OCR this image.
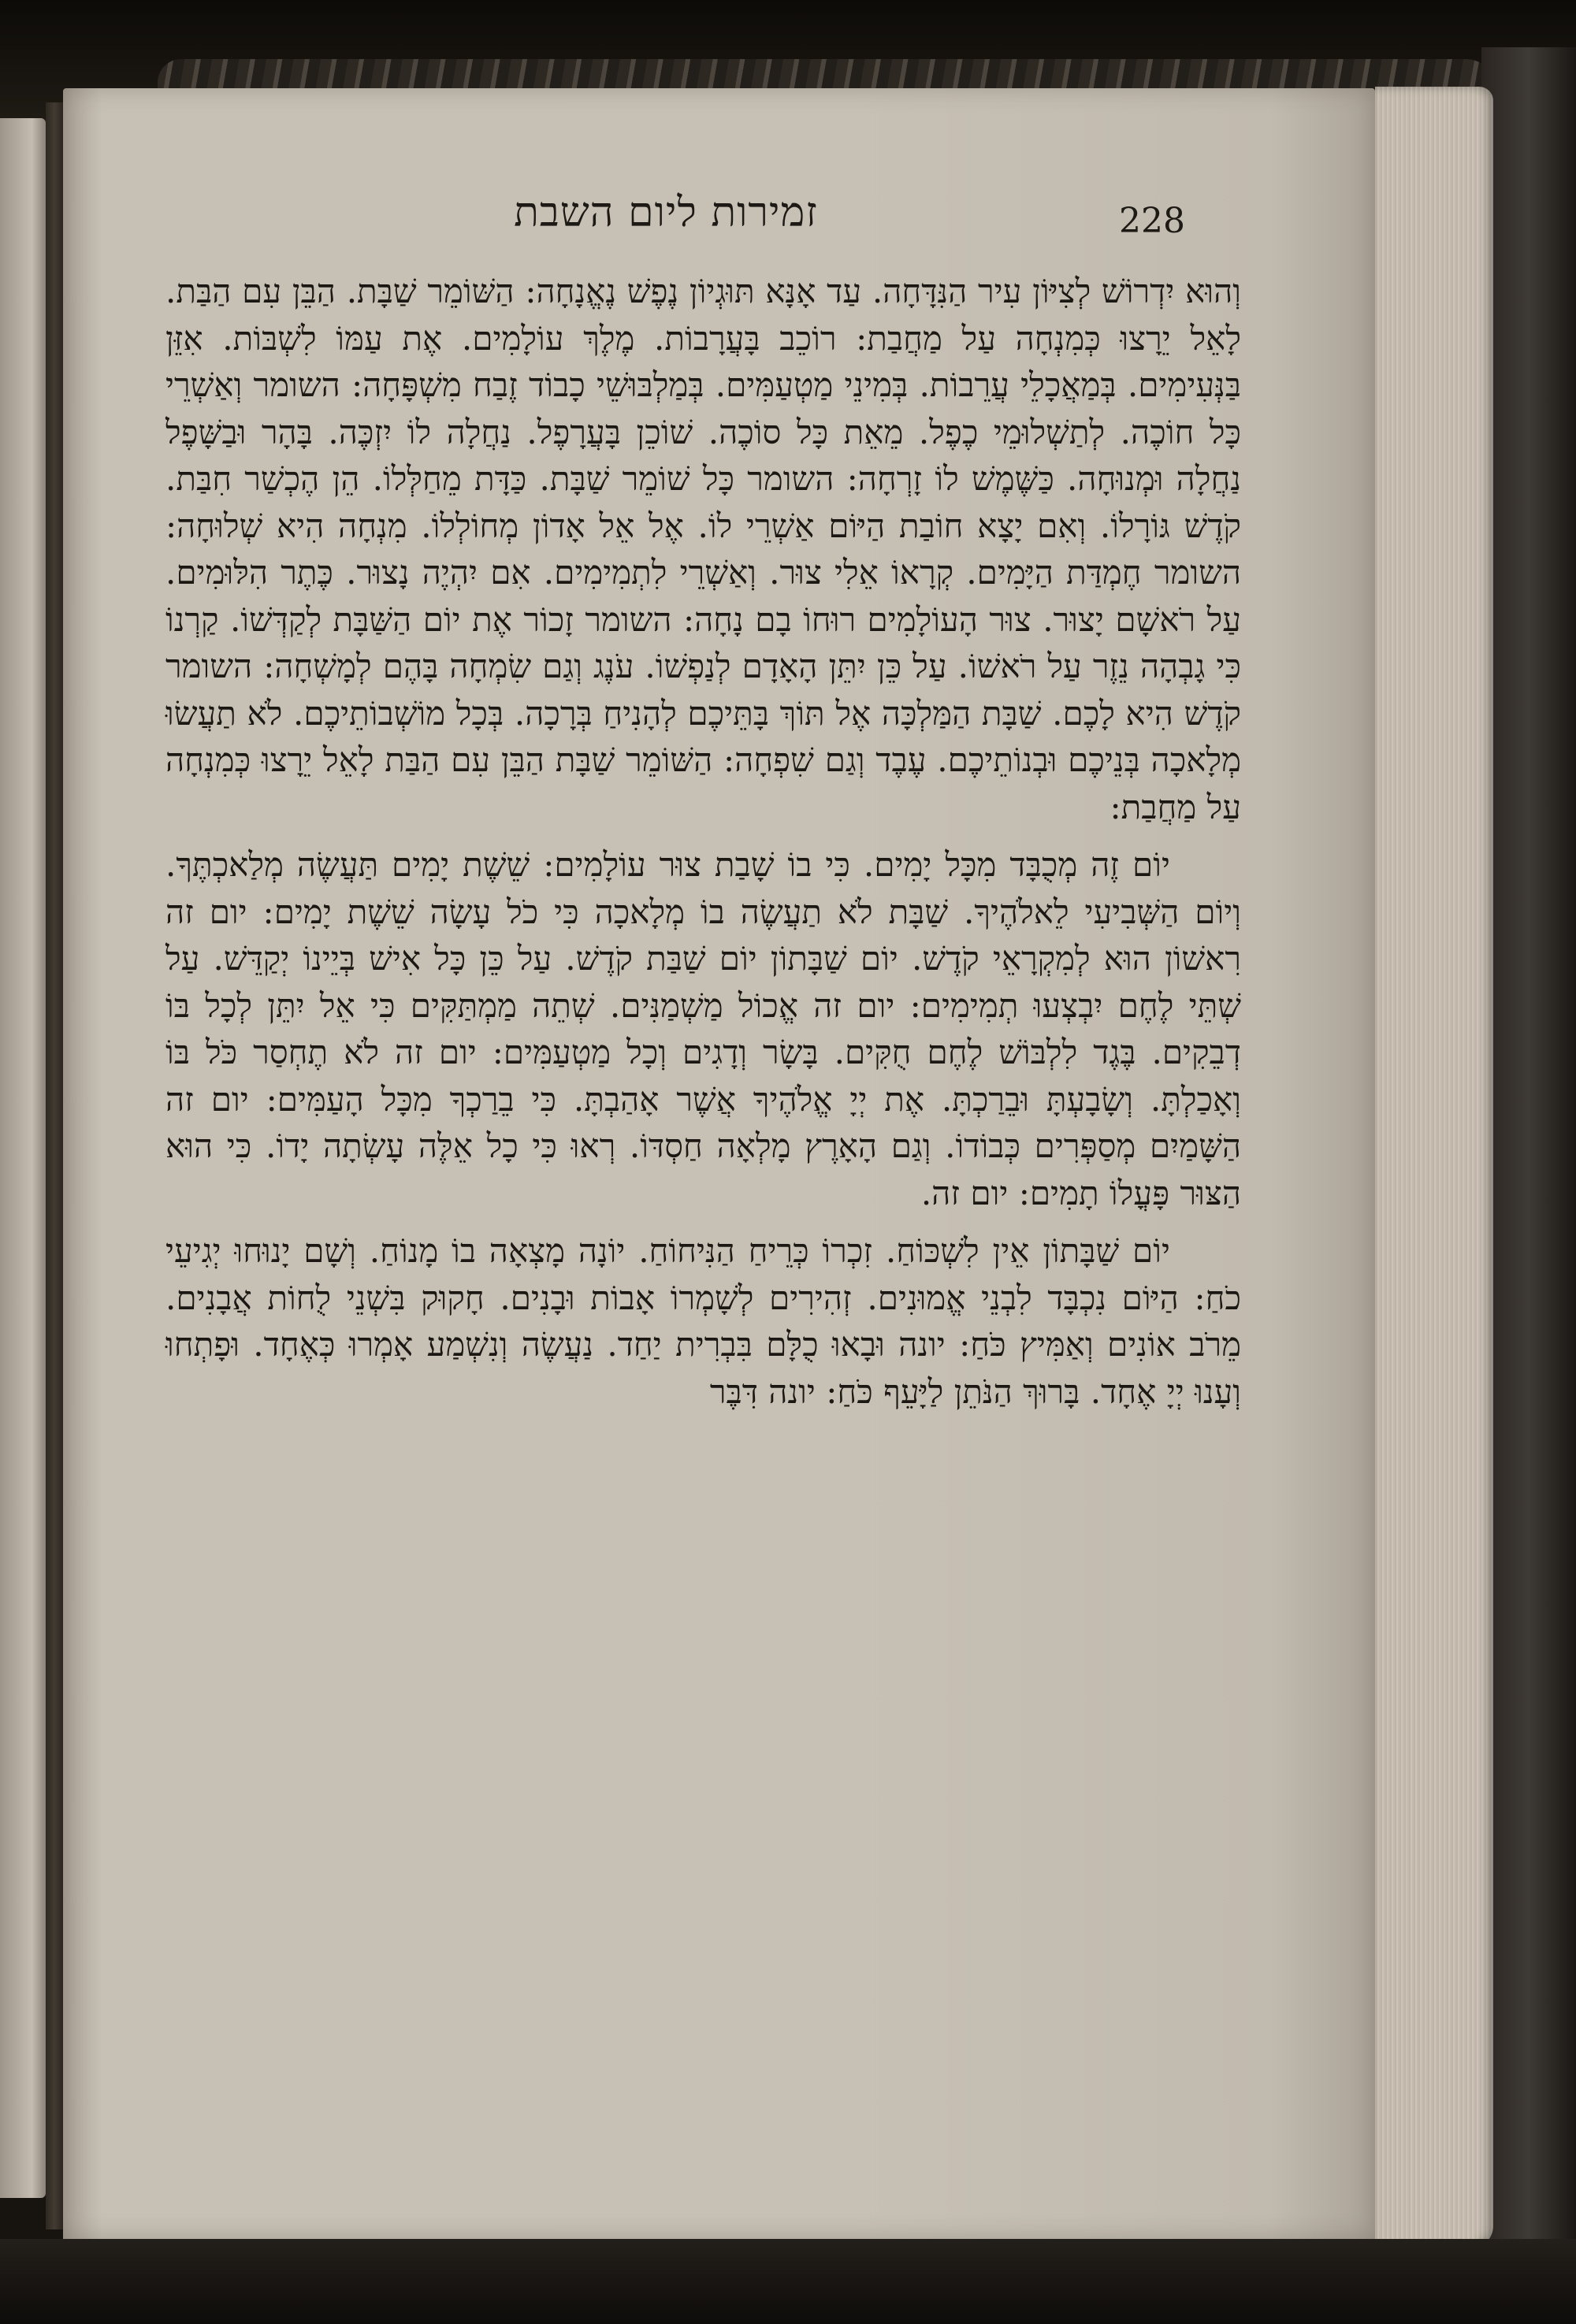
זמירות ליום השבת	228

וְהוּא יִדְרוֹשׁ לְצִיּוֹן עִיר הַנִּדָּחָה. עַד אָנָּא תּוּגְיוֹן נֶפֶשׁ נֶאֱנָחָה: הַשּׁוֹמֵר שַׁבָּת. הַבֵּן עִם הַבַּת. לָאֵל יֵרָצוּ כְּמִנְחָה עַל מַחֲבַת: רוֹכֵב בָּעֲרָבוֹת. מֶלֶךְ עוֹלָמִים. אֶת עַמּוֹ לִשְׁבּוֹת. אִזֵּן בַּנְּעִימִים. בְּמַאֲכָלֵי עֲרֵבוֹת. בְּמִינֵי מַטְעַמִּים. בְּמַלְבּוּשֵׁי כָבוֹד זֶבַח מִשְׁפָּחָה: השומר וְאַשְׁרֵי כָּל חוֹכֶה. לְתַשְׁלוּמֵי כֶפֶל. מֵאֵת כָּל סוֹכֶה. שׁוֹכֵן בָּעֲרָפֶל. נַחֲלָה לוֹ יִזְכֶּה. בָּהָר וּבַשָּׁפֶל נַחֲלָה וּמְנוּחָה. כַּשֶּׁמֶשׁ לוֹ זָרְחָה: השומר כָּל שׁוֹמֵר שַׁבָּת. כַּדָּת מֵחַלְּלוֹ. הֵן הֶכְשַׁר חִבַּת. קֹדֶשׁ גּוֹרָלוֹ. וְאִם יָצָא חוֹבַת הַיּוֹם אַשְׁרֵי לוֹ. אֶל אֵל אָדוֹן מְחוֹלְלוֹ. מִנְחָה הִיא שְׁלוּחָה: השומר חֶמְדַּת הַיָּמִים. קְרָאוֹ אֵלִי צוּר. וְאַשְׁרֵי לִתְמִימִים. אִם יִהְיֶה נָצוּר. כֶּתֶר הִלּוּמִים. עַל רֹאשָׁם יָצוּר. צוּר הָעוֹלָמִים רוּחוֹ בָם נָחָה: השומר זָכוֹר אֶת יוֹם הַשַּׁבָּת לְקַדְּשׁוֹ. קַרְנוֹ כִּי גָבְהָה נֵזֶר עַל רֹאשׁוֹ. עַל כֵּן יִתֵּן הָאָדָם לְנַפְשׁוֹ. עֹנֶג וְגַם שִׂמְחָה בָּהֶם לְמָשְׁחָה: השומר קֹדֶשׁ הִיא לָכֶם. שַׁבָּת הַמַּלְכָּה אֶל תּוֹךְ בָּתֵּיכֶם לְהָנִיחַ בְּרָכָה. בְּכָל מוֹשְׁבוֹתֵיכֶם. לֹא תַעֲשׂוּ מְלָאכָה בְּנֵיכֶם וּבְנוֹתֵיכֶם. עֶבֶד וְגַם שִׁפְחָה: הַשּׁוֹמֵר שַׁבָּת הַבֵּן עִם הַבַּת לָאֵל יֵרָצוּ כְּמִנְחָה עַל מַחֲבַת:

יוֹם זֶה מְכֻבָּד מִכָּל יָמִים. כִּי בוֹ שָׁבַת צוּר עוֹלָמִים: שֵׁשֶׁת יָמִים תַּעֲשֶׂה מְלַאכְתֶּךָ. וְיוֹם הַשְּׁבִיעִי לֵאלֹהֶיךָ. שַׁבָּת לֹא תַעֲשֶׂה בוֹ מְלָאכָה כִּי כֹל עָשָׂה שֵׁשֶׁת יָמִים: יום זה רִאשׁוֹן הוּא לְמִקְרָאֵי קֹדֶשׁ. יוֹם שַׁבָּתוֹן יוֹם שַׁבַּת קֹדֶשׁ. עַל כֵּן כָּל אִישׁ בְּיֵינוֹ יְקַדֵּשׁ. עַל שְׁתֵּי לֶחֶם יִבְצְעוּ תְמִימִים: יום זה אֱכוֹל מַשְׁמַנִּים. שְׁתֵה מַמְתַּקִּים כִּי אֵל יִתֵּן לְכָל בּוֹ דְבֵקִים. בֶּגֶד לִלְבּוֹשׁ לֶחֶם חֻקִּים. בָּשָׂר וְדָגִים וְכָל מַטְעַמִּים: יום זה לֹא תֶחְסַר כֹּל בּוֹ וְאָכַלְתָּ. וְשָׂבָעְתָּ וּבֵרַכְתָּ. אֶת יְיָ אֱלֹהֶיךָ אֲשֶׁר אָהַבְתָּ. כִּי בֵרַכְךָ מִכָּל הָעַמִּים: יום זה הַשָּׁמַיִם מְסַפְּרִים כְּבוֹדוֹ. וְגַם הָאָרֶץ מָלְאָה חַסְדּוֹ. רְאוּ כִּי כָל אֵלֶּה עָשְׂתָה יָדוֹ. כִּי הוּא הַצּוּר פָּעֳלוֹ תָמִים: יום זה.

יוֹם שַׁבָּתוֹן אֵין לִשְׁכּוֹחַ. זִכְרוֹ כְּרֵיחַ הַנִּיחוֹחַ. יוֹנָה מָצְאָה בוֹ מָנוֹחַ. וְשָׁם יָנוּחוּ יְגִיעֵי כֹחַ: הַיּוֹם נִכְבָּד לִבְנֵי אֱמוּנִים. זְהִירִים לְשָׁמְרוֹ אָבוֹת וּבָנִים. חָקוּק בִּשְׁנֵי לֻחוֹת אֲבָנִים. מֵרֹב אוֹנִים וְאַמִּיץ כֹּחַ: יונה וּבָאוּ כֻלָּם בִּבְרִית יַחַד. נַעֲשֶׂה וְנִשְׁמַע אָמְרוּ כְּאֶחָד. וּפָתְחוּ וְעָנוּ יְיָ אֶחָד. בָּרוּךְ הַנֹּתֵן לַיָּעֵף כֹּחַ: יונה דִּבֶּר
